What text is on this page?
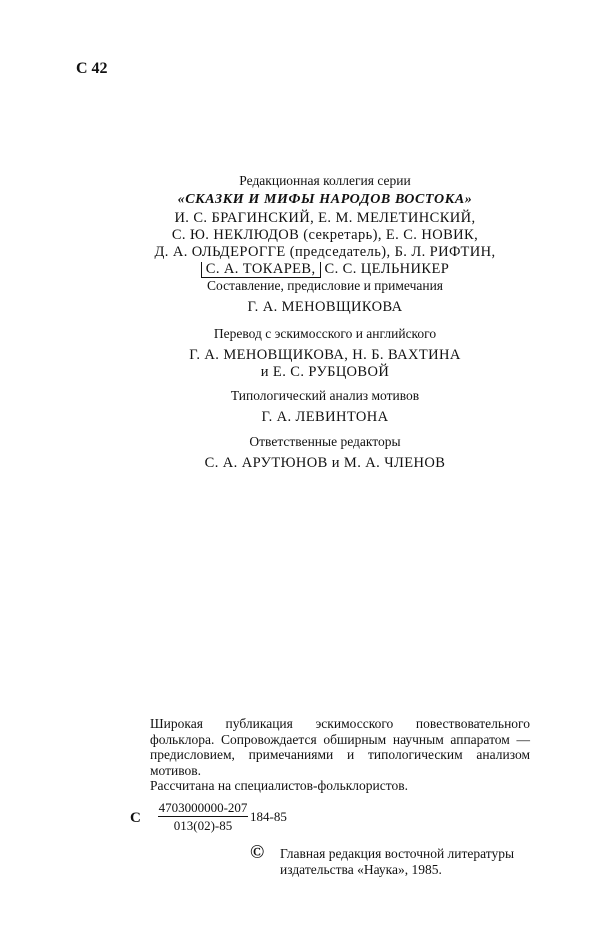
С 42
Редакционная коллегия серии
«СКАЗКИ И МИФЫ НАРОДОВ ВОСТОКА»
И. С. БРАГИНСКИЙ, Е. М. МЕЛЕТИНСКИЙ,
С. Ю. НЕКЛЮДОВ (секретарь), Е. С. НОВИК,
Д. А. ОЛЬДЕРОГГЕ (председатель), Б. Л. РИФТИН,
С. А. ТОКАРЕВ, С. С. ЦЕЛЬНИКЕР
Составление, предисловие и примечания
Г. А. МЕНОВЩИКОВА
Перевод с эскимосского и английского
Г. А. МЕНОВЩИКОВА, Н. Б. ВАХТИНА
и Е. С. РУБЦОВОЙ
Типологический анализ мотивов
Г. А. ЛЕВИНТОНА
Ответственные редакторы
С. А. АРУТЮНОВ и М. А. ЧЛЕНОВ

Широкая публикация эскимосского повествовательного фольклора. Сопровождается обширным научным аппаратом — предисловием, примечаниями и типологическим анализом мотивов.

Рассчитана на специалистов-фольклористов.

С
4703000000-207
013(02)-85
184-85
© Главная редакция восточной литературы
издательства «Наука», 1985.
